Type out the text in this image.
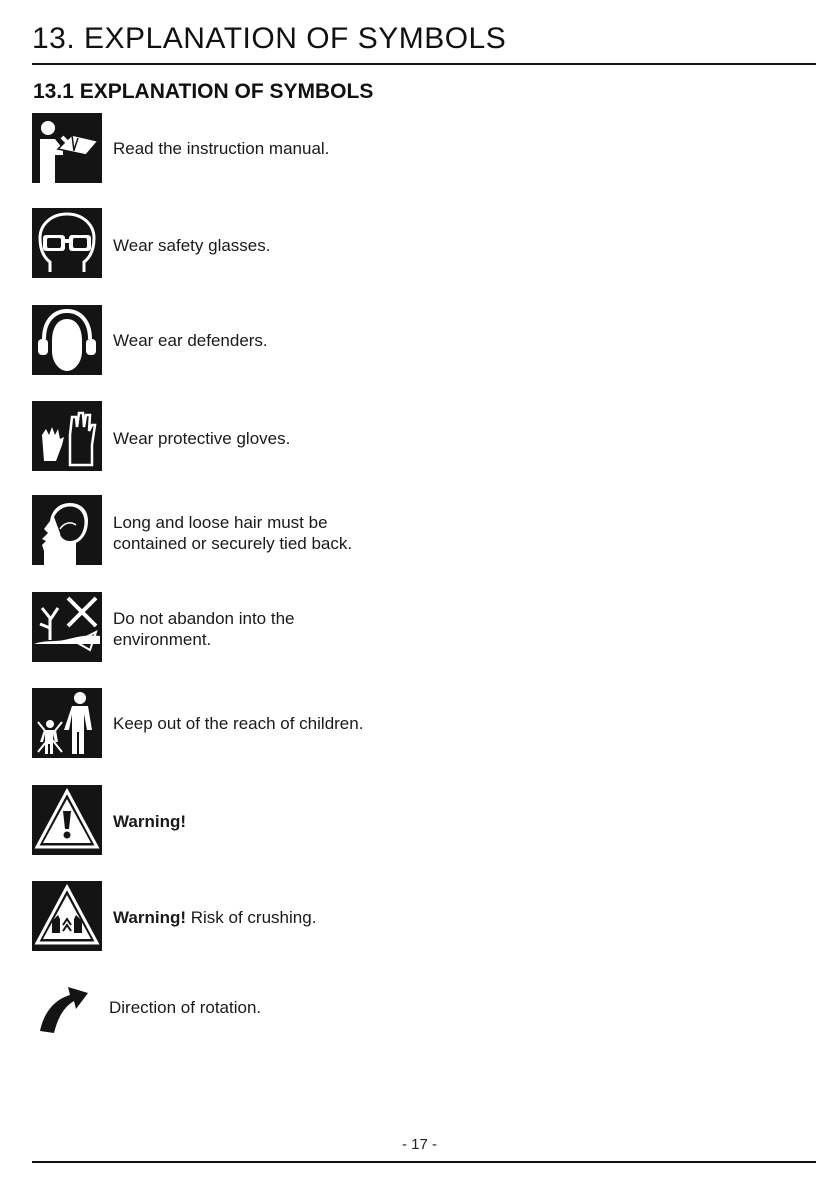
13. EXPLANATION OF SYMBOLS
13.1 EXPLANATION OF SYMBOLS
Read the instruction manual.
Wear safety glasses.
Wear ear defenders.
Wear protective gloves.
Long and loose hair must be
contained or securely tied back.
Do not abandon into the
environment.
Keep out of the reach of children.
Warning!
Warning! Risk of crushing.
Direction of rotation.
- 17 -
